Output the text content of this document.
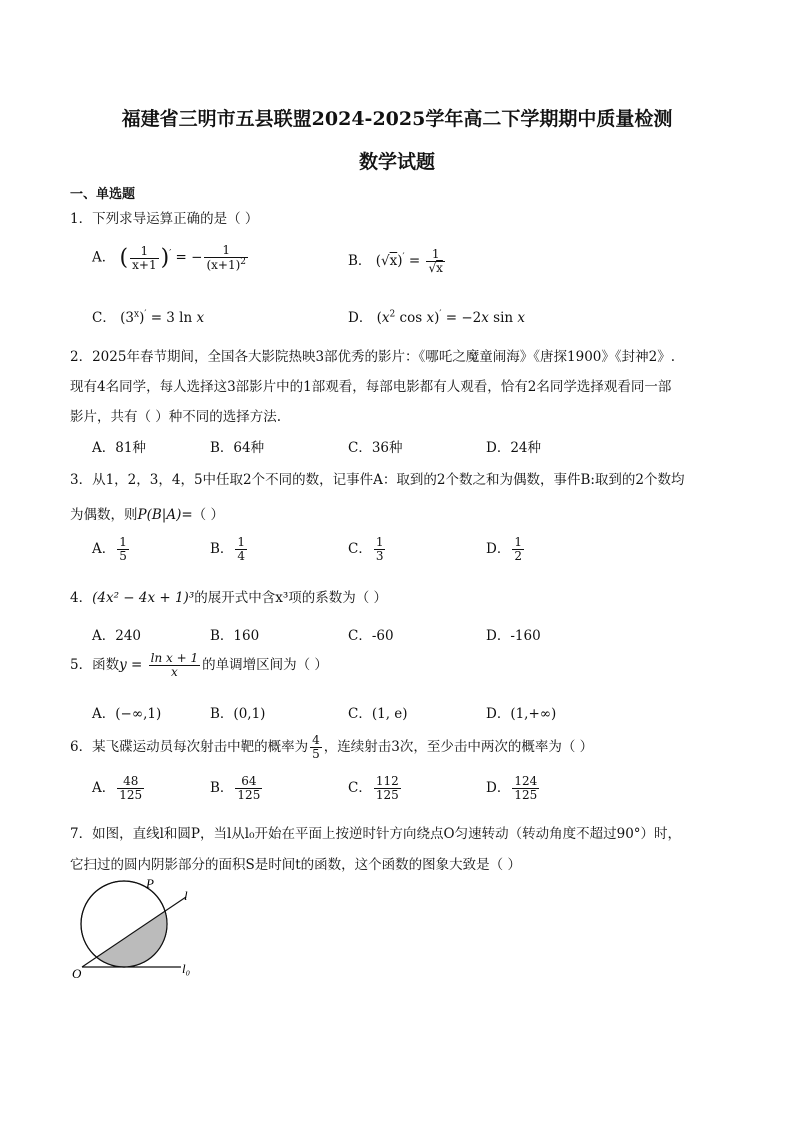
福建省三明市五县联盟2024-2025学年高二下学期期中质量检测
数学试题
一、单选题
1．下列求导运算正确的是（ ）
A． ( $\frac{1}{x+1} )'$ = − $\frac{1}{(x+1)^2}$	B． $(√x)' = \frac{1}{√x}$
C． $(3^x)' = 3$ ln x	D． ($x^2$ cos x)′ = −2x sin x
2．2025年春节期间，全国各大影院热映3部优秀的影片：《哪吒之魔童闹海》《唐探1900》《封神2》.
现有4名同学，每人选择这3部影片中的1部观看，每部电影都有人观看，恰有2名同学选择观看同一部
影片，共有（ ）种不同的选择方法.
A．81种	B．64种	C．36种	D．24种
3．从1，2，3，4，5中任取2个不同的数，记事件A：取到的2个数之和为偶数，事件B:取到的2个数均
为偶数，则P(B|A)=（ ）
A． $\frac{1}{5}$	B． $\frac{1}{4}$	C． $\frac{1}{3}$	D． $\frac{1}{2}$
4．(4x² − 4x + 1)³的展开式中含x³项的系数为（ ）
A．240	B．160	C．-60	D．-160
5．函数$y = \frac{\text{ln x + 1}}{x}$ 的单调增区间为（ ）
A．(−∞,1)	B．(0,1)	C．(1, e)	D．(1,+∞)
6．某飞碟运动员每次射击中靶的概率为 $\frac{4}{5}$ ，连续射击3次，至少击中两次的概率为（ ）
A． $\frac{48}{125}$	B． $\frac{64}{125}$	C． $\frac{112}{125}$	D． $\frac{124}{125}$
7．如图，直线l和圆P，当l从l₀开始在平面上按逆时针方向绕点O匀速转动（转动角度不超过90°）时，
它扫过的圆内阴影部分的面积S是时间t的函数，这个函数的图象大致是（ ）
P
l
O	l₀
